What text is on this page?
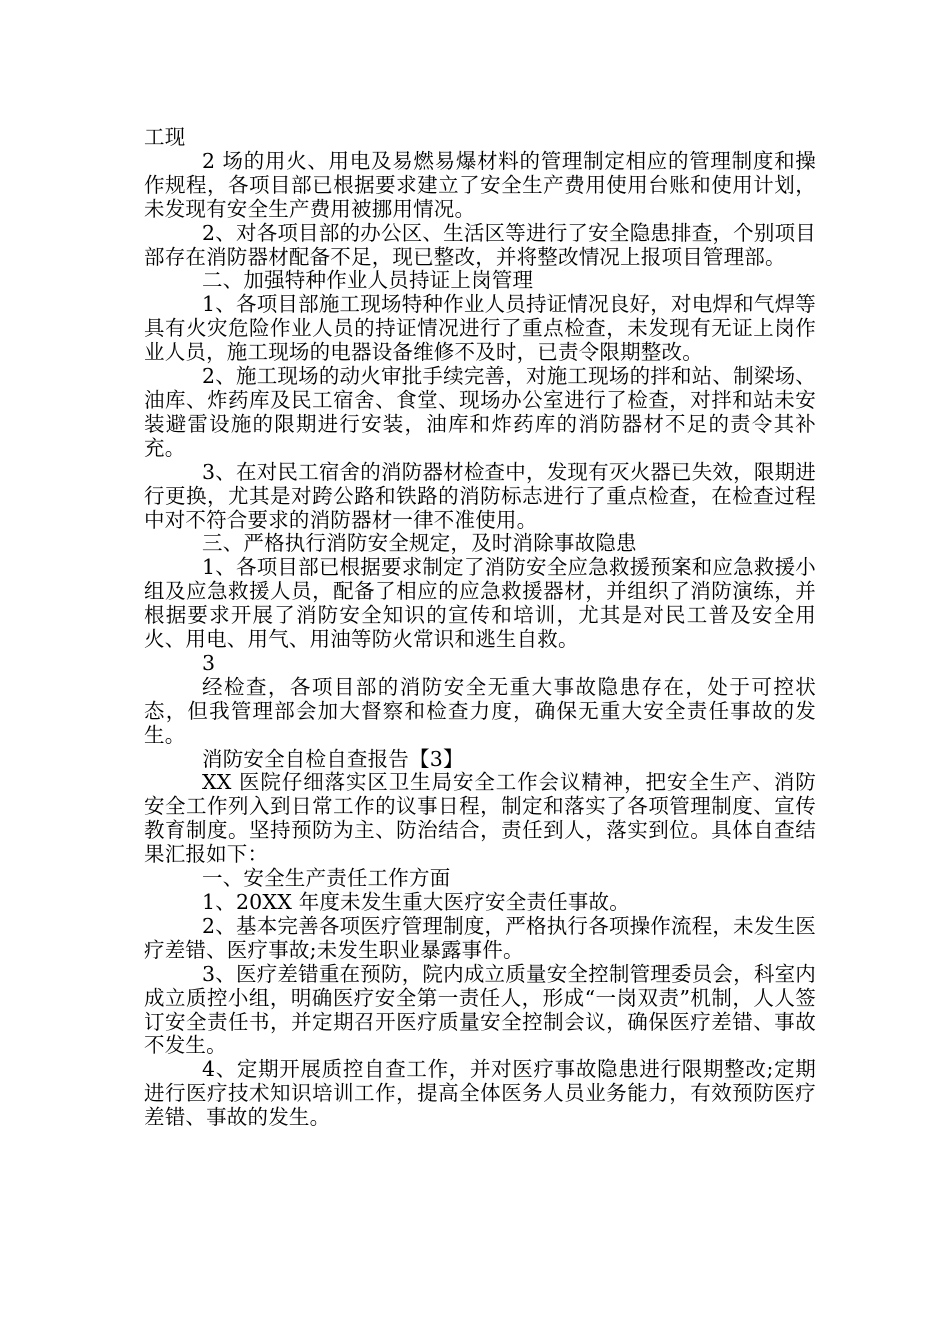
工现

2 场的用火、用电及易燃易爆材料的管理制定相应的管理制度和操作规程，各项目部已根据要求建立了安全生产费用使用台账和使用计划，未发现有安全生产费用被挪用情况。

2、对各项目部的办公区、生活区等进行了安全隐患排查，个别项目部存在消防器材配备不足，现已整改，并将整改情况上报项目管理部。

二、加强特种作业人员持证上岗管理

1、各项目部施工现场特种作业人员持证情况良好，对电焊和气焊等具有火灾危险作业人员的持证情况进行了重点检查，未发现有无证上岗作业人员，施工现场的电器设备维修不及时，已责令限期整改。

2、施工现场的动火审批手续完善，对施工现场的拌和站、制梁场、油库、炸药库及民工宿舍、食堂、现场办公室进行了检查，对拌和站未安装避雷设施的限期进行安装，油库和炸药库的消防器材不足的责令其补充。

3、在对民工宿舍的消防器材检查中，发现有灭火器已失效，限期进行更换，尤其是对跨公路和铁路的消防标志进行了重点检查，在检查过程中对不符合要求的消防器材一律不准使用。

三、严格执行消防安全规定，及时消除事故隐患

1、各项目部已根据要求制定了消防安全应急救援预案和应急救援小组及应急救援人员，配备了相应的应急救援器材，并组织了消防演练，并根据要求开展了消防安全知识的宣传和培训，尤其是对民工普及安全用火、用电、用气、用油等防火常识和逃生自救。

3

经检查，各项目部的消防安全无重大事故隐患存在，处于可控状态，但我管理部会加大督察和检查力度，确保无重大安全责任事故的发生。

消防安全自检自查报告【3】

XX 医院仔细落实区卫生局安全工作会议精神，把安全生产、消防安全工作列入到日常工作的议事日程，制定和落实了各项管理制度、宣传教育制度。坚持预防为主、防治结合，责任到人，落实到位。具体自查结果汇报如下：

一、安全生产责任工作方面

1、20XX 年度未发生重大医疗安全责任事故。

2、基本完善各项医疗管理制度，严格执行各项操作流程，未发生医疗差错、医疗事故;未发生职业暴露事件。

3、医疗差错重在预防，院内成立质量安全控制管理委员会，科室内成立质控小组，明确医疗安全第一责任人，形成“一岗双责”机制，人人签订安全责任书，并定期召开医疗质量安全控制会议，确保医疗差错、事故不发生。

4、定期开展质控自查工作，并对医疗事故隐患进行限期整改;定期进行医疗技术知识培训工作，提高全体医务人员业务能力，有效预防医疗差错、事故的发生。
